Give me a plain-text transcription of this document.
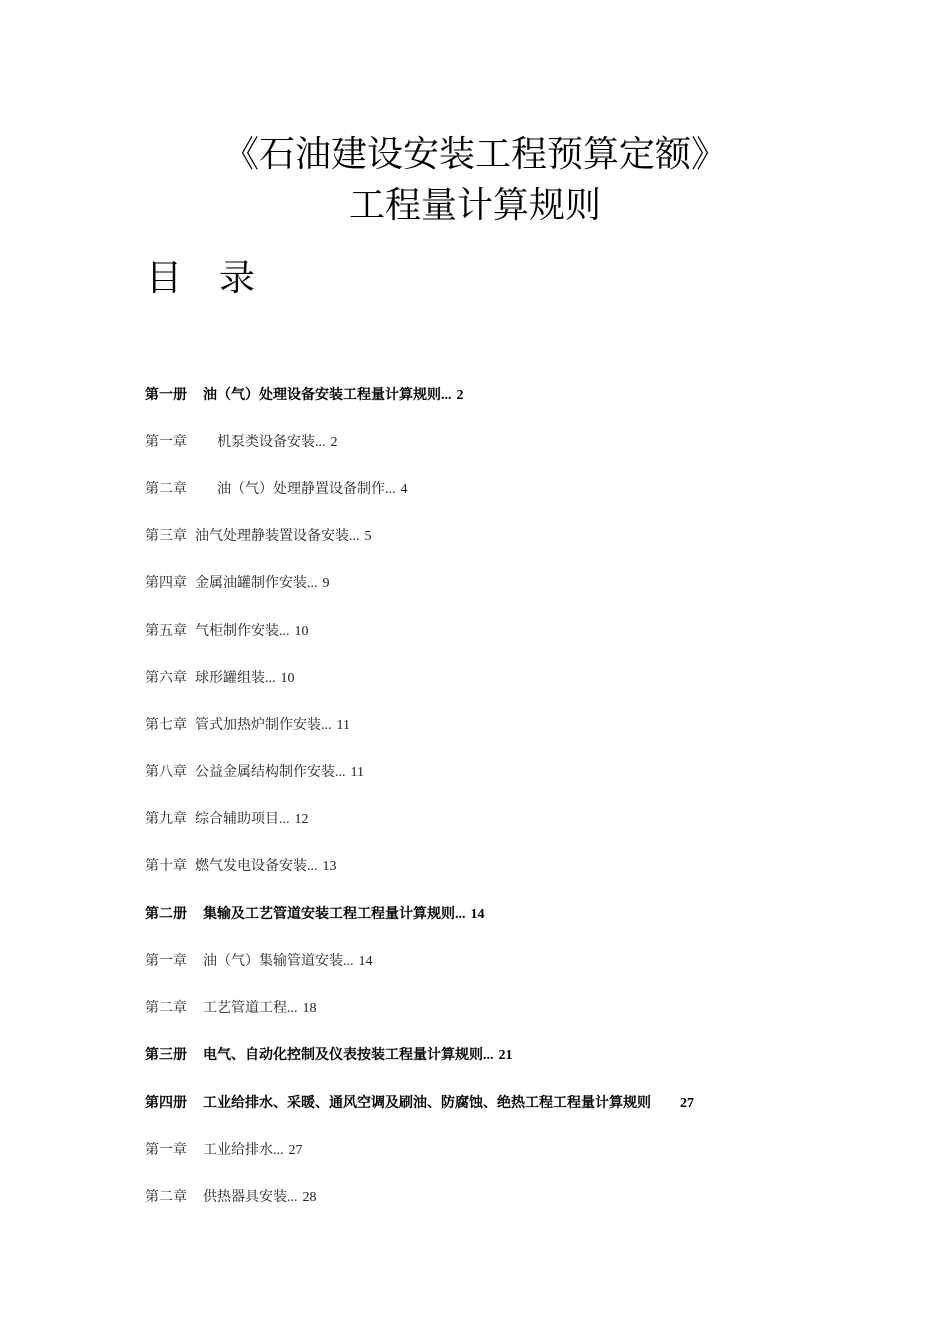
《石油建设安装工程预算定额》
工程量计算规则
目 录
第一册 油（气）处理设备安装工程量计算规则... 2
第一章 机泵类设备安装... 2
第二章 油（气）处理静置设备制作... 4
第三章 油气处理静装置设备安装... 5
第四章 金属油罐制作安装... 9
第五章 气柜制作安装... 10
第六章 球形罐组装... 10
第七章 管式加热炉制作安装... 11
第八章 公益金属结构制作安装... 11
第九章 综合辅助项目... 12
第十章 燃气发电设备安装... 13
第二册 集输及工艺管道安装工程工程量计算规则... 14
第一章 油（气）集输管道安装... 14
第二章 工艺管道工程... 18
第三册 电气、自动化控制及仪表按装工程量计算规则... 21
第四册 工业给排水、采暖、通风空调及刷油、防腐蚀、绝热工程工程量计算规则 27
第一章 工业给排水... 27
第二章 供热器具安装... 28
